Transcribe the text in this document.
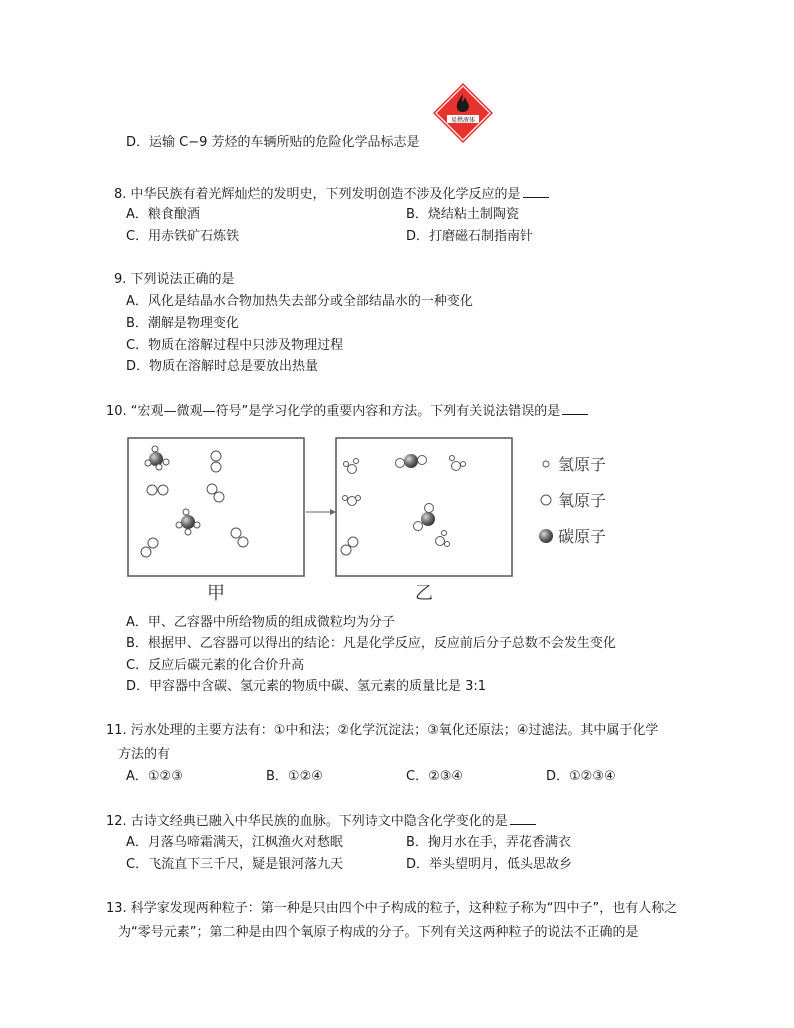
D．运输 C−9 芳烃的车辆所贴的危险化学品标志是
易燃液体
8. 中华民族有着光辉灿烂的发明史，下列发明创造不涉及化学反应的是
A．粮食酿酒	B．烧结粘土制陶瓷
C．用赤铁矿石炼铁	D．打磨磁石制指南针
9. 下列说法正确的是
A．风化是结晶水合物加热失去部分或全部结晶水的一种变化
B．潮解是物理变化
C．物质在溶解过程中只涉及物理过程
D．物质在溶解时总是要放出热量
10. “宏观—微观—符号”是学习化学的重要内容和方法。下列有关说法错误的是
甲	乙
氢原子
氧原子
碳原子
A．甲、乙容器中所给物质的组成微粒均为分子
B．根据甲、乙容器可以得出的结论：凡是化学反应，反应前后分子总数不会发生变化
C．反应后碳元素的化合价升高
D．甲容器中含碳、氢元素的物质中碳、氢元素的质量比是 3:1
11. 污水处理的主要方法有：①中和法；②化学沉淀法；③氧化还原法；④过滤法。其中属于化学
方法的有
A．①②③	B．①②④	C．②③④	D．①②③④
12. 古诗文经典已融入中华民族的血脉。下列诗文中隐含化学变化的是
A．月落乌啼霜满天，江枫渔火对愁眠	B．掬月水在手，弄花香满衣
C．飞流直下三千尺，疑是银河落九天	D．举头望明月，低头思故乡
13. 科学家发现两种粒子：第一种是只由四个中子构成的粒子，这种粒子称为“四中子”，也有人称之
为“零号元素”；第二种是由四个氧原子构成的分子。下列有关这两种粒子的说法不正确的是
